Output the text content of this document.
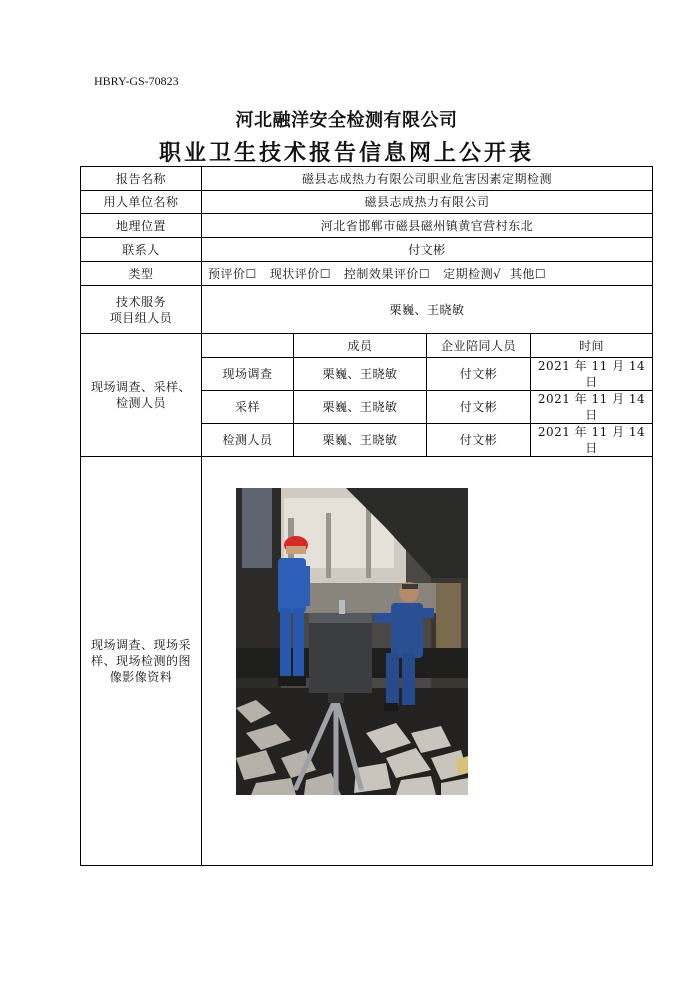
HBRY-GS-70823
河北融洋安全检测有限公司
职业卫生技术报告信息网上公开表
报告名称	磁县志成热力有限公司职业危害因素定期检测			
用人单位名称	磁县志成热力有限公司			
地理位置	河北省邯郸市磁县磁州镇黄官营村东北			
联系人	付文彬			
类型	预评价☐   现状评价☐   控制效果评价☐   定期检测√  其他☐			

技术服务
项目组人员	栗巍、王晓敏			

现场调查、采样、
检测人员		成员	企业陪同人员	时间
	现场调查	栗巍、王晓敏	付文彬	2021 年 11 月 14 日
	采样	栗巍、王晓敏	付文彬	2021 年 11 月 14 日
	检测人员	栗巍、王晓敏	付文彬	2021 年 11 月 14 日

现场调查、现场采
样、现场检测的图
像影像资料				
